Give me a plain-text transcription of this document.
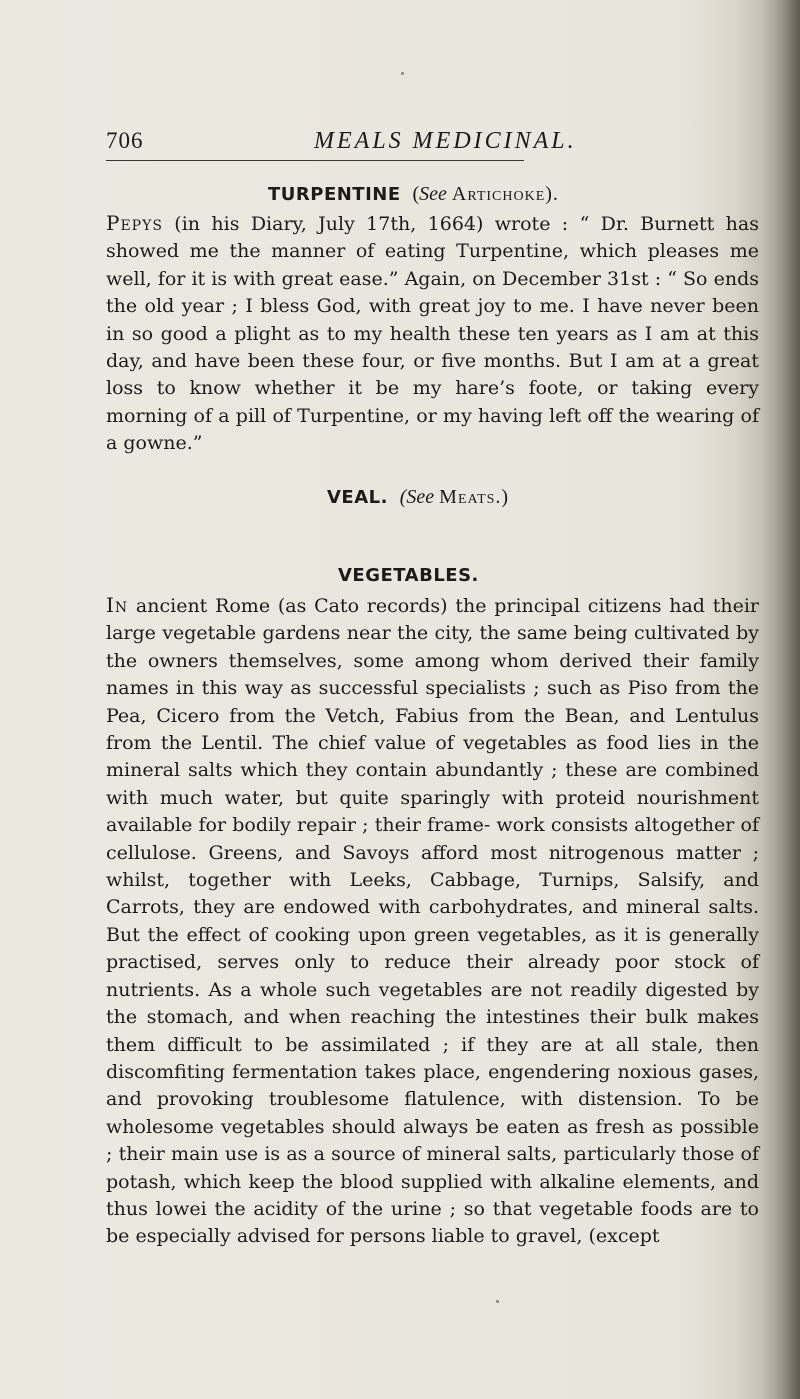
706	MEALS MEDICINAL.
TURPENTINE (See Artichoke).

Pepys (in his Diary, July 17th, 1664) wrote : “ Dr. Burnett has showed me the manner of eating Turpentine, which pleases me well, for it is with great ease.” Again, on December 31st : “ So ends the old year ; I bless God, with great joy to me. I have never been in so good a plight as to my health these ten years as I am at this day, and have been these four, or five months. But I am at a great loss to know whether it be my hare’s foote, or taking every morning of a pill of Turpentine, or my having left off the wearing of a gowne.”

VEAL. (See Meats.)
VEGETABLES.

In ancient Rome (as Cato records) the principal citizens had their large vegetable gardens near the city, the same being cultivated by the owners themselves, some among whom derived their family names in this way as successful specialists ; such as Piso from the Pea, Cicero from the Vetch, Fabius from the Bean, and Lentulus from the Lentil. The chief value of vegetables as food lies in the mineral salts which they contain abundantly ; these are combined with much water, but quite sparingly with proteid nourishment available for bodily repair ; their frame- work consists altogether of cellulose. Greens, and Savoys afford most nitrogenous matter ; whilst, together with Leeks, Cabbage, Turnips, Salsify, and Carrots, they are endowed with carbohydrates, and mineral salts. But the effect of cooking upon green vegetables, as it is generally practised, serves only to reduce their already poor stock of nutrients. As a whole such vegetables are not readily digested by the stomach, and when reaching the intestines their bulk makes them difficult to be assimilated ; if they are at all stale, then discomfiting fermentation takes place, engendering noxious gases, and provoking troublesome flatulence, with distension. To be wholesome vegetables should always be eaten as fresh as possible ; their main use is as a source of mineral salts, particularly those of potash, which keep the blood supplied with alkaline elements, and thus lowei the acidity of the urine ; so that vegetable foods are to be especially advised for persons liable to gravel, (except
